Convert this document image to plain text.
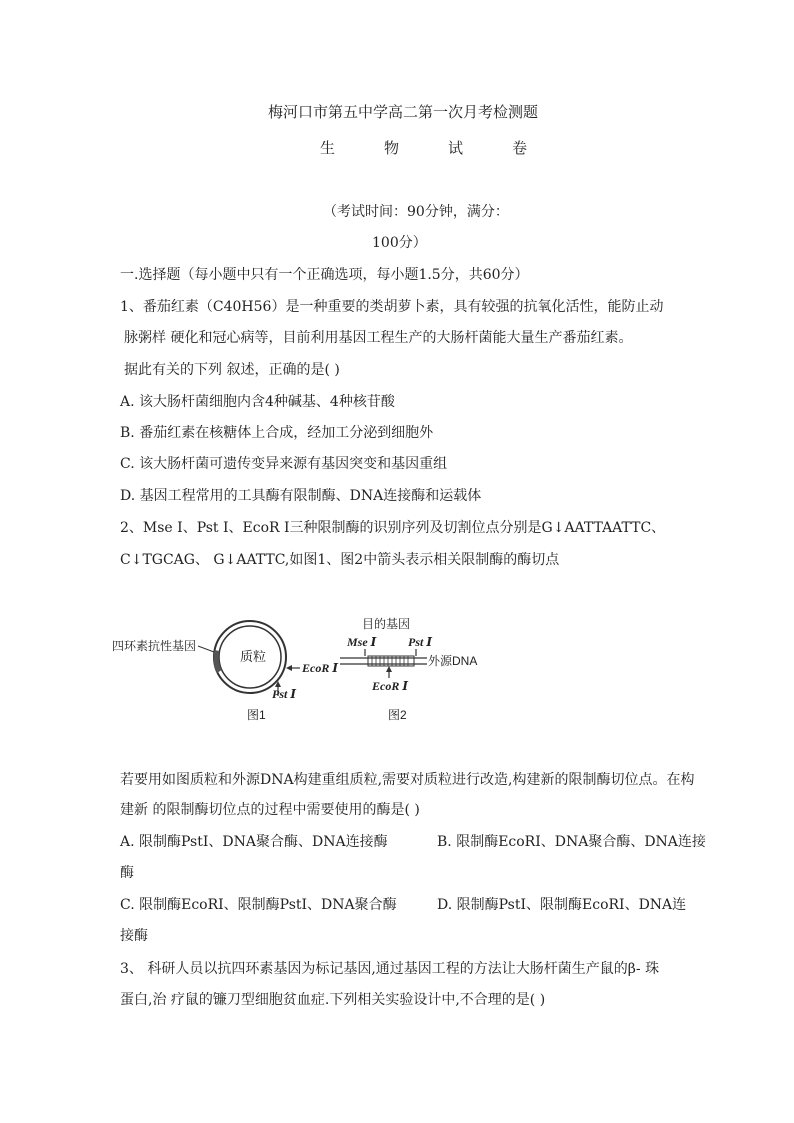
梅河口市第五中学高二第一次月考检测题
生	物	试	卷
（考试时间：90分钟，满分：
100分）
一.选择题（每小题中只有一个正确选项，每小题1.5分，共60分）
1、番茄红素（C40H56）是一种重要的类胡萝卜素，具有较强的抗氧化活性，能防止动
脉粥样 硬化和冠心病等，目前利用基因工程生产的大肠杆菌能大量生产番茄红素。
据此有关的下列 叙述，正确的是( )
A. 该大肠杆菌细胞内含4种碱基、4种核苷酸
B. 番茄红素在核糖体上合成，经加工分泌到细胞外
C. 该大肠杆菌可遗传变异来源有基因突变和基因重组
D. 基因工程常用的工具酶有限制酶、DNA连接酶和运载体
2、Mse Ⅰ、Pst Ⅰ、EcoR Ⅰ三种限制酶的识别序列及切割位点分别是G↓AATTAATTC、
C↓TGCAG、 G↓AATTC,如图1、图2中箭头表示相关限制酶的酶切点
四环素抗性基因
质粒
EcoR Ⅰ
Pst Ⅰ
图1
目的基因
Mse Ⅰ	Pst Ⅰ
外源DNA
EcoR Ⅰ
图2
若要用如图质粒和外源DNA构建重组质粒,需要对质粒进行改造,构建新的限制酶切位点。在构
建新 的限制酶切位点的过程中需要使用的酶是( )
A. 限制酶PstⅠ、DNA聚合酶、DNA连接酶	B. 限制酶EcoRⅠ、DNA聚合酶、DNA连接
酶
C. 限制酶EcoRⅠ、限制酶PstⅠ、DNA聚合酶	D. 限制酶PstⅠ、限制酶EcoRⅠ、DNA连
接酶
3、 科研人员以抗四环素基因为标记基因,通过基因工程的方法让大肠杆菌生产鼠的β- 珠
蛋白,治 疗鼠的镰刀型细胞贫血症.下列相关实验设计中,不合理的是( )
